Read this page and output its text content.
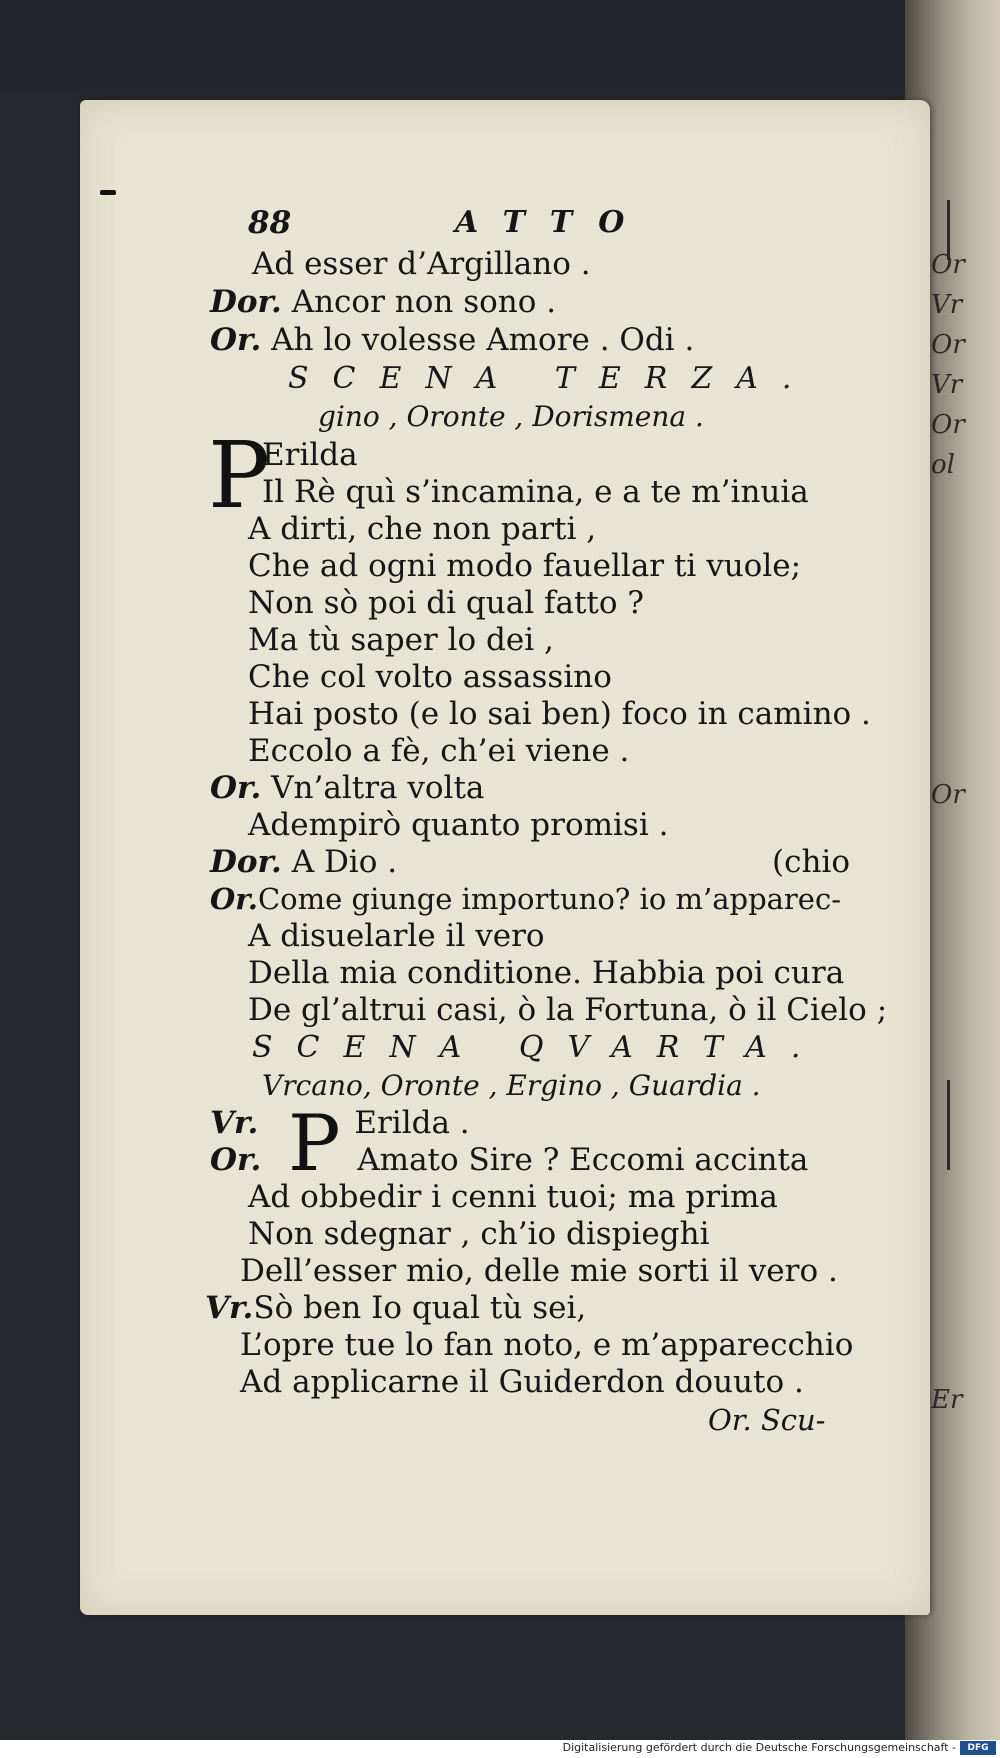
Or
Vr
Or
Vr
Or
ol
Or
Er
88	ATTO
Ad esser d’Argillano .
Dor. Ancor non sono .
Or. Ah lo volesse Amore . Odi .
SCENA TERZA.
gino , Oronte , Dorismena .
P
Erilda
Il Rè quì s’incamina, e a te m’inuia
A dirti, che non parti ,
Che ad ogni modo fauellar ti vuole;
Non sò poi di qual fatto ?
Ma tù saper lo dei ,
Che col volto assassino
Hai posto (e lo sai ben) foco in camino .
Eccolo a fè, ch’ei viene .
Or. Vn’altra volta
Adempirò quanto promisi .
Dor. A Dio .	(chio
Or.Come giunge importuno? io m’apparec-
A disuelarle il vero
Della mia conditione. Habbia poi cura
De gl’altrui casi, ò la Fortuna, ò il Cielo ;
SCENA QVARTA.
Vrcano, Oronte , Ergino , Guardia .
P
Vr.	Erilda .
Or.	Amato Sire ? Eccomi accinta
Ad obbedir i cenni tuoi; ma prima
Non sdegnar , ch’io dispieghi
Dell’esser mio, delle mie sorti il vero .
Vr.Sò ben Io qual tù sei,
L’opre tue lo fan noto, e m’apparecchio
Ad applicarne il Guiderdon douuto .
Or. Scu-
Digitalisierung gefördert durch die Deutsche Forschungsgemeinschaft -	DFG
